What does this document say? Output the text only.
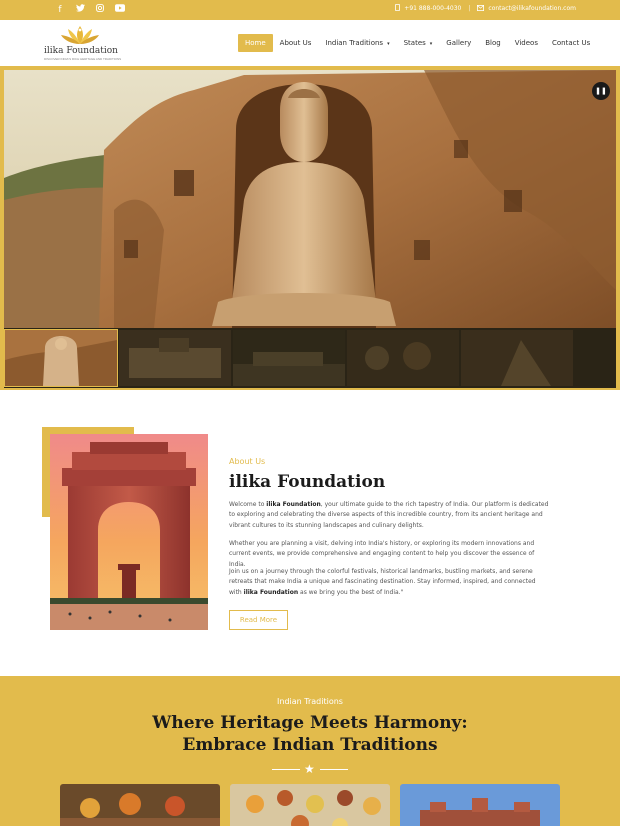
f	+91 888-000-4030 |	contact@ilikafoundation.com
ilika Foundation
DISCOVER INDIA'S RICH HERITAGE AND TRADITIONS
Home	About Us	Indian Traditions ▾	States ▾	Gallery	Blog	Videos	Contact Us
❚❚
About Us
ilika Foundation
Welcome to ilika Foundation, your ultimate guide to the rich tapestry of India. Our platform is dedicated to exploring and celebrating the diverse aspects of this incredible country, from its ancient heritage and vibrant cultures to its stunning landscapes and culinary delights.
Whether you are planning a visit, delving into India's history, or exploring its modern innovations and current events, we provide comprehensive and engaging content to help you discover the essence of India.
Join us on a journey through the colorful festivals, historical landmarks, bustling markets, and serene retreats that make India a unique and fascinating destination. Stay informed, inspired, and connected with ilika Foundation as we bring you the best of India."
Read More
Indian Traditions
Where Heritage Meets Harmony:
Embrace Indian Traditions
★
